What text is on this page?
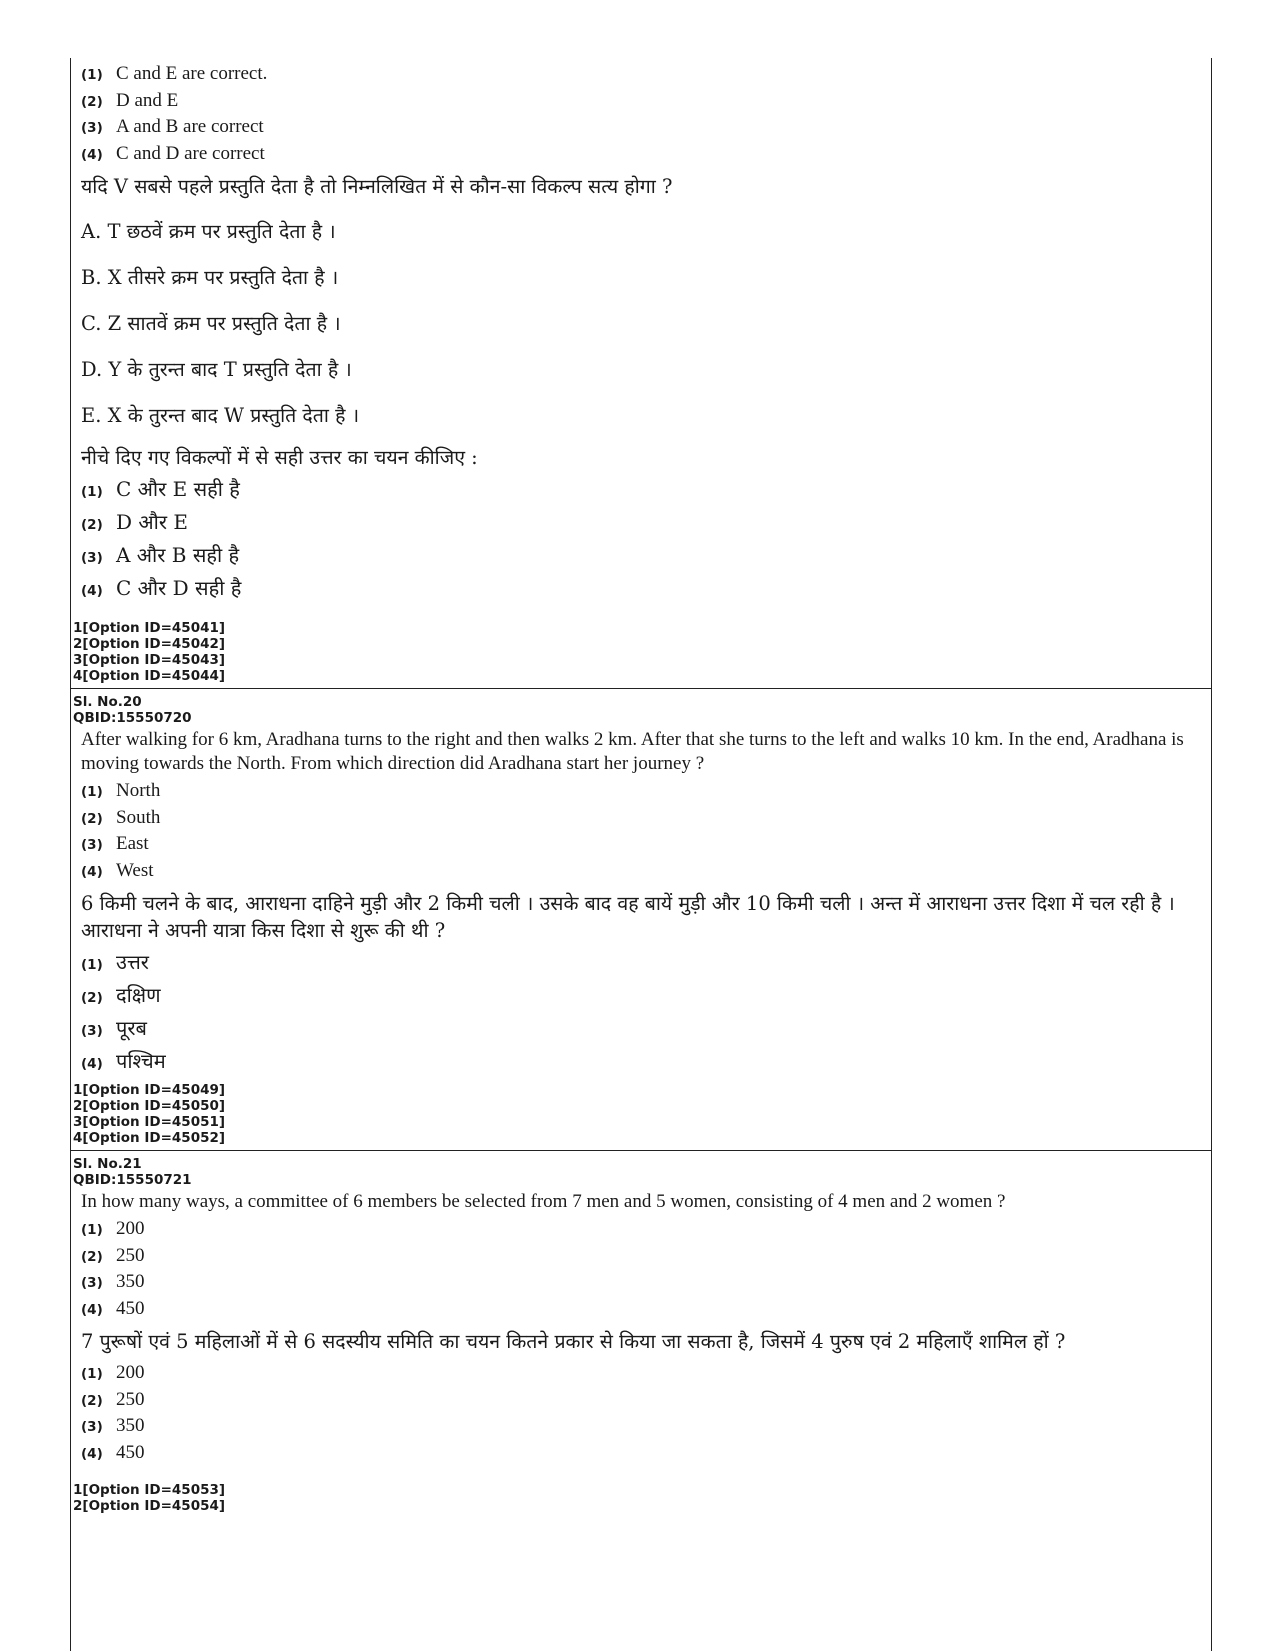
(1) C and E are correct.
(2) D and E
(3) A and B are correct
(4) C and D are correct
यदि V सबसे पहले प्रस्तुति देता है तो निम्नलिखित में से कौन-सा विकल्प सत्य होगा ?
A. T छठवें क्रम पर प्रस्तुति देता है ।
B. X तीसरे क्रम पर प्रस्तुति देता है ।
C. Z सातवें क्रम पर प्रस्तुति देता है ।
D. Y के तुरन्त बाद T प्रस्तुति देता है ।
E. X के तुरन्त बाद W प्रस्तुति देता है ।
नीचे दिए गए विकल्पों में से सही उत्तर का चयन कीजिए :
(1) C और E सही है
(2) D और E
(3) A और B सही है
(4) C और D सही है
1[Option ID=45041]
2[Option ID=45042]
3[Option ID=45043]
4[Option ID=45044]
Sl. No.20
QBID:15550720
After walking for 6 km, Aradhana turns to the right and then walks 2 km. After that she turns to the left and walks 10 km. In the end, Aradhana is moving towards the North. From which direction did Aradhana start her journey ?
(1) North
(2) South
(3) East
(4) West
6 किमी चलने के बाद, आराधना दाहिने मुड़ी और 2 किमी चली । उसके बाद वह बायें मुड़ी और 10 किमी चली । अन्त में आराधना उत्तर दिशा में चल रही है । आराधना ने अपनी यात्रा किस दिशा से शुरू की थी ?
(1) उत्तर
(2) दक्षिण
(3) पूरब
(4) पश्चिम
1[Option ID=45049]
2[Option ID=45050]
3[Option ID=45051]
4[Option ID=45052]
Sl. No.21
QBID:15550721
In how many ways, a committee of 6 members be selected from 7 men and 5 women, consisting of 4 men and 2 women ?
(1) 200
(2) 250
(3) 350
(4) 450
7 पुरूषों एवं 5 महिलाओं में से 6 सदस्यीय समिति का चयन कितने प्रकार से किया जा सकता है, जिसमें 4 पुरुष एवं 2 महिलाएँ शामिल हों ?
(1) 200
(2) 250
(3) 350
(4) 450
1[Option ID=45053]
2[Option ID=45054]
